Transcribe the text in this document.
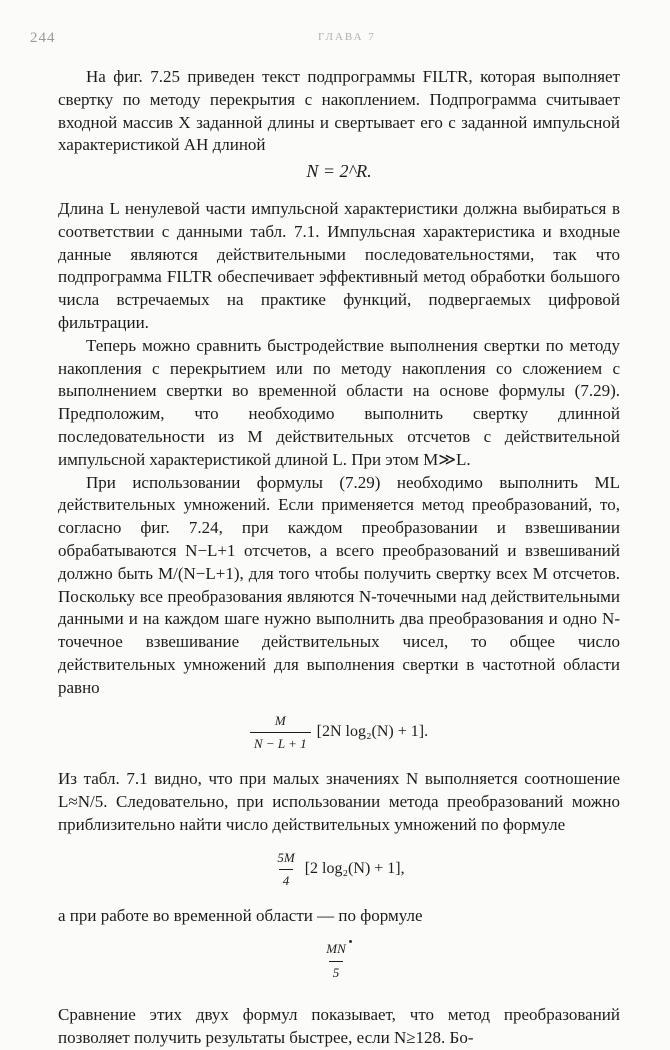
244	ГЛАВА 7

На фиг. 7.25 приведен текст подпрограммы FILTR, которая выполняет свертку по методу перекрытия с накоплением. Подпрограмма считывает входной массив X заданной длины и свертывает его с заданной импульсной характеристикой АН длиной

N = 2^R.

Длина L ненулевой части импульсной характеристики должна выбираться в соответствии с данными табл. 7.1. Импульсная характеристика и входные данные являются действительными последовательностями, так что подпрограмма FILTR обеспечивает эффективный метод обработки большого числа встречаемых на практике функций, подвергаемых цифровой фильтрации.

Теперь можно сравнить быстродействие выполнения свертки по методу накопления с перекрытием или по методу накопления со сложением с выполнением свертки во временной области на основе формулы (7.29). Предположим, что необходимо выполнить свертку длинной последовательности из M действительных отсчетов с действительной импульсной характеристикой длиной L. При этом M≫L.

При использовании формулы (7.29) необходимо выполнить ML действительных умножений. Если применяется метод преобразований, то, согласно фиг. 7.24, при каждом преобразовании и взвешивании обрабатываются N−L+1 отсчетов, а всего преобразований и взвешиваний должно быть M/(N−L+1), для того чтобы получить свертку всех M отсчетов. Поскольку все преобразования являются N-точечными над действительными данными и на каждом шаге нужно выполнить два преобразования и одно N-точечное взвешивание действительных чисел, то общее число действительных умножений для выполнения свертки в частотной области равно

$\frac{M}{N - L + 1} [2N$ log₂(N) + 1].

Из табл. 7.1 видно, что при малых значениях N выполняется соотношение L≈N/5. Следовательно, при использовании метода преобразований можно приблизительно найти число действительных умножений по формуле

$\frac{5M}{4} [2$ log₂(N) + 1],

а при работе во временной области — по формуле

$\frac{MN}{5}$

Сравнение этих двух формул показывает, что метод преобразований позволяет получить результаты быстрее, если N≥128. Бо-
